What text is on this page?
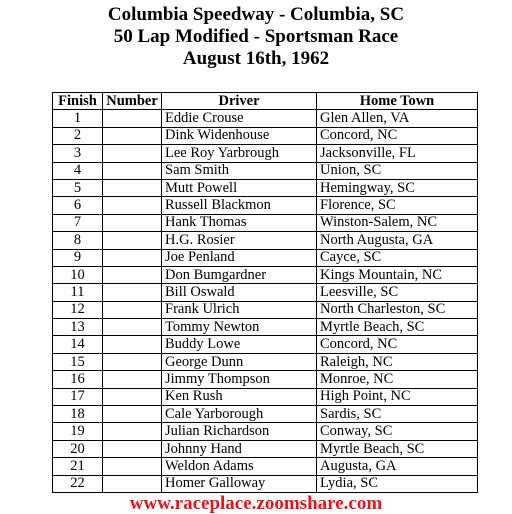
Columbia Speedway - Columbia, SC
50 Lap Modified - Sportsman Race
August 16th, 1962
Finish	Number	Driver	Home Town
1		Eddie Crouse	Glen Allen, VA
2		Dink Widenhouse	Concord, NC
3		Lee Roy Yarbrough	Jacksonville, FL
4		Sam Smith	Union, SC
5		Mutt Powell	Hemingway, SC
6		Russell Blackmon	Florence, SC
7		Hank Thomas	Winston-Salem, NC
8		H.G. Rosier	North Augusta, GA
9		Joe Penland	Cayce, SC
10		Don Bumgardner	Kings Mountain, NC
11		Bill Oswald	Leesville, SC
12		Frank Ulrich	North Charleston, SC
13		Tommy Newton	Myrtle Beach, SC
14		Buddy Lowe	Concord, NC
15		George Dunn	Raleigh, NC
16		Jimmy Thompson	Monroe, NC
17		Ken Rush	High Point, NC
18		Cale Yarborough	Sardis, SC
19		Julian Richardson	Conway, SC
20		Johnny Hand	Myrtle Beach, SC
21		Weldon Adams	Augusta, GA
22		Homer Galloway	Lydia, SC
www.raceplace.zoomshare.com
